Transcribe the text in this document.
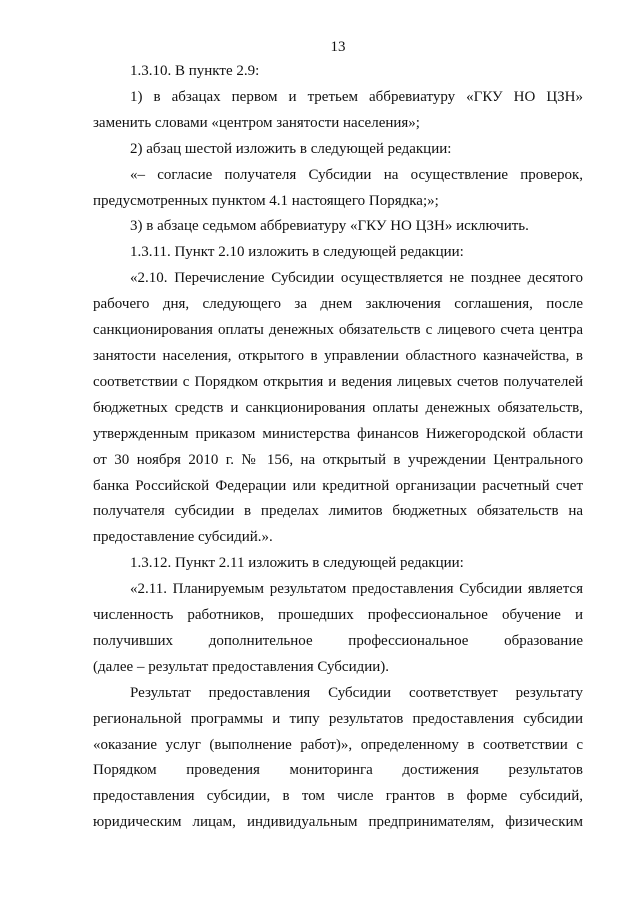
13
1.3.10. В пункте 2.9:
1) в абзацах первом и третьем аббревиатуру «ГКУ НО ЦЗН»
заменить словами «центром занятости населения»;
2) абзац шестой изложить в следующей редакции:
«– согласие получателя Субсидии на осуществление проверок,
предусмотренных пунктом 4.1 настоящего Порядка;»;
3) в абзаце седьмом аббревиатуру «ГКУ НО ЦЗН» исключить.
1.3.11. Пункт 2.10 изложить в следующей редакции:
«2.10. Перечисление Субсидии осуществляется не позднее десятого
рабочего дня, следующего за днем заключения соглашения, после
санкционирования оплаты денежных обязательств с лицевого счета центра
занятости населения, открытого в управлении областного казначейства, в
соответствии с Порядком открытия и ведения лицевых счетов получателей
бюджетных средств и санкционирования оплаты денежных обязательств,
утвержденным приказом министерства финансов Нижегородской области
от 30 ноября 2010 г. № 156, на открытый в учреждении Центрального
банка Российской Федерации или кредитной организации расчетный счет
получателя субсидии в пределах лимитов бюджетных обязательств на
предоставление субсидий.».
1.3.12. Пункт 2.11 изложить в следующей редакции:
«2.11. Планируемым результатом предоставления Субсидии является
численность работников, прошедших профессиональное обучение и
получивших дополнительное профессиональное образование
(далее – результат предоставления Субсидии).
Результат предоставления Субсидии соответствует результату
региональной программы и типу результатов предоставления субсидии
«оказание услуг (выполнение работ)», определенному в соответствии с
Порядком проведения мониторинга достижения результатов
предоставления субсидии, в том числе грантов в форме субсидий,
юридическим лицам, индивидуальным предпринимателям, физическим
